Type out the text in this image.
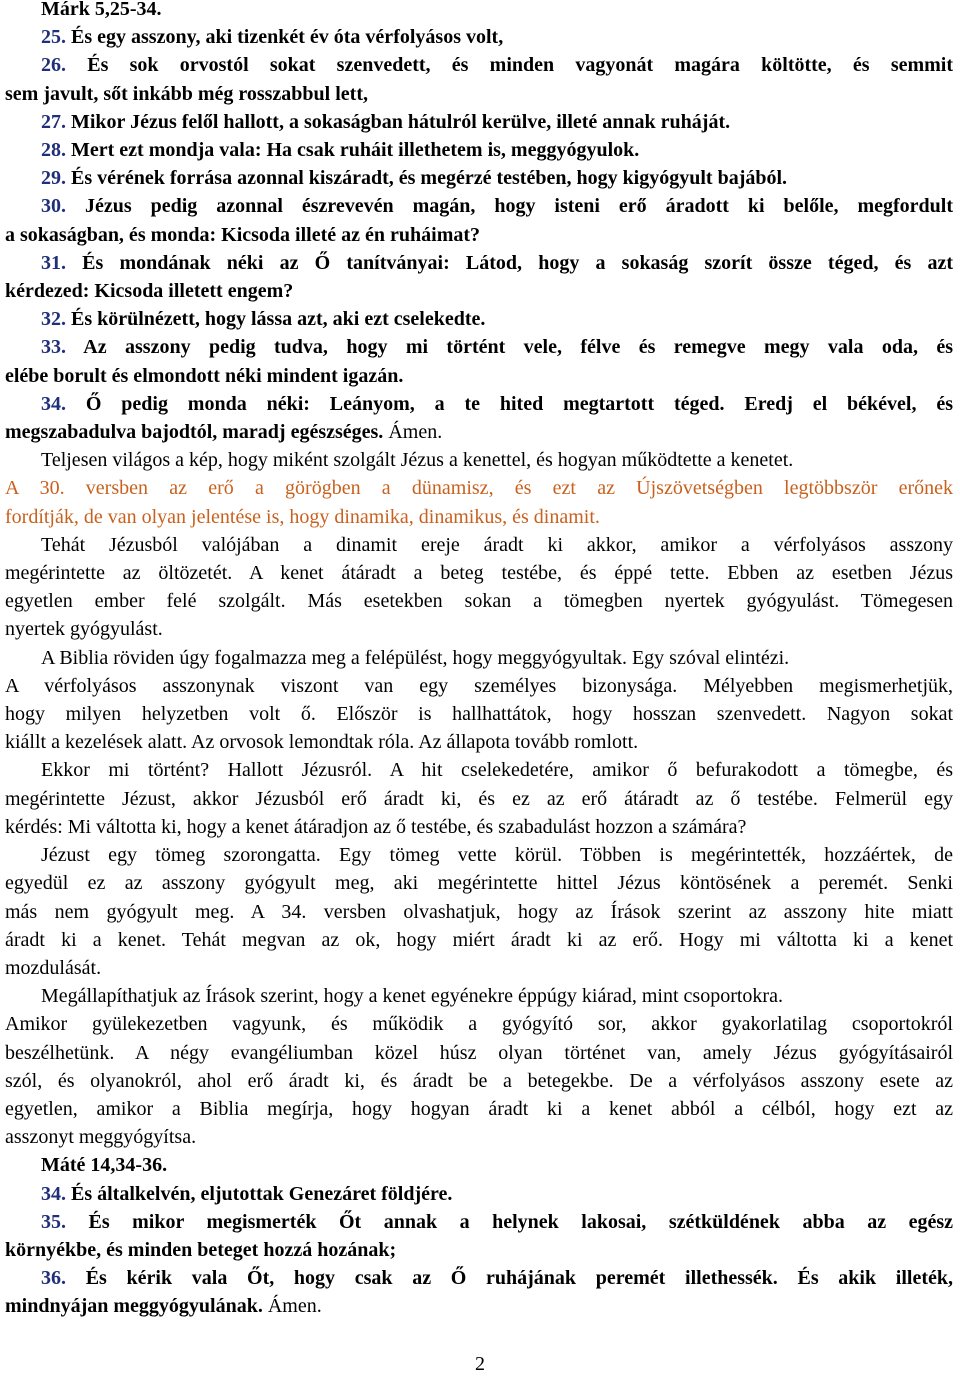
Márk 5,25-34.

25. És egy asszony, aki tizenkét év óta vérfolyásos volt,

26. És sok orvostól sokat szenvedett, és minden vagyonát magára költötte, és semmit

sem javult, sőt inkább még rosszabbul lett,

27. Mikor Jézus felől hallott, a sokaságban hátulról kerülve, illeté annak ruháját.

28. Mert ezt mondja vala: Ha csak ruháit illethetem is, meggyógyulok.

29. És vérének forrása azonnal kiszáradt, és megérzé testében, hogy kigyógyult bajából.

30. Jézus pedig azonnal észrevevén magán, hogy isteni erő áradott ki belőle, megfordult

a sokaságban, és monda: Kicsoda illeté az én ruháimat?

31. És mondának néki az Ő tanítványai: Látod, hogy a sokaság szorít össze téged, és azt

kérdezed: Kicsoda illetett engem?

32. És körülnézett, hogy lássa azt, aki ezt cselekedte.

33. Az asszony pedig tudva, hogy mi történt vele, félve és remegve megy vala oda, és

elébe borult és elmondott néki mindent igazán.

34. Ő pedig monda néki: Leányom, a te hited megtartott téged. Eredj el békével, és

megszabadulva bajodtól, maradj egészséges. Ámen.

Teljesen világos a kép, hogy miként szolgált Jézus a kenettel, és hogyan működtette a kenetet.

A 30. versben az erő a görögben a dünamisz, és ezt az Újszövetségben legtöbbször erőnek

fordítják, de van olyan jelentése is, hogy dinamika, dinamikus, és dinamit.

Tehát Jézusból valójában a dinamit ereje áradt ki akkor, amikor a vérfolyásos asszony

megérintette az öltözetét. A kenet átáradt a beteg testébe, és éppé tette. Ebben az esetben Jézus

egyetlen ember felé szolgált. Más esetekben sokan a tömegben nyertek gyógyulást. Tömegesen

nyertek gyógyulást.

A Biblia röviden úgy fogalmazza meg a felépülést, hogy meggyógyultak. Egy szóval elintézi.

A vérfolyásos asszonynak viszont van egy személyes bizonysága. Mélyebben megismerhetjük,

hogy milyen helyzetben volt ő. Először is hallhattátok, hogy hosszan szenvedett. Nagyon sokat

kiállt a kezelések alatt. Az orvosok lemondtak róla. Az állapota tovább romlott.

Ekkor mi történt? Hallott Jézusról. A hit cselekedetére, amikor ő befurakodott a tömegbe, és

megérintette Jézust, akkor Jézusból erő áradt ki, és ez az erő átáradt az ő testébe. Felmerül egy

kérdés: Mi váltotta ki, hogy a kenet átáradjon az ő testébe, és szabadulást hozzon a számára?

Jézust egy tömeg szorongatta. Egy tömeg vette körül. Többen is megérintették, hozzáértek, de

egyedül ez az asszony gyógyult meg, aki megérintette hittel Jézus köntösének a peremét. Senki

más nem gyógyult meg. A 34. versben olvashatjuk, hogy az Írások szerint az asszony hite miatt

áradt ki a kenet. Tehát megvan az ok, hogy miért áradt ki az erő. Hogy mi váltotta ki a kenet

mozdulását.

Megállapíthatjuk az Írások szerint, hogy a kenet egyénekre éppúgy kiárad, mint csoportokra.

Amikor gyülekezetben vagyunk, és működik a gyógyító sor, akkor gyakorlatilag csoportokról

beszélhetünk. A négy evangéliumban közel húsz olyan történet van, amely Jézus gyógyításairól

szól, és olyanokról, ahol erő áradt ki, és áradt be a betegekbe. De a vérfolyásos asszony esete az

egyetlen, amikor a Biblia megírja, hogy hogyan áradt ki a kenet abból a célból, hogy ezt az

asszonyt meggyógyítsa.

Máté 14,34-36.

34. És általkelvén, eljutottak Genezáret földjére.

35. És mikor megismerték Őt annak a helynek lakosai, szétküldének abba az egész

környékbe, és minden beteget hozzá hozának;

36. És kérik vala Őt, hogy csak az Ő ruhájának peremét illethessék. És akik illeték,

mindnyájan meggyógyulának. Ámen.

2
